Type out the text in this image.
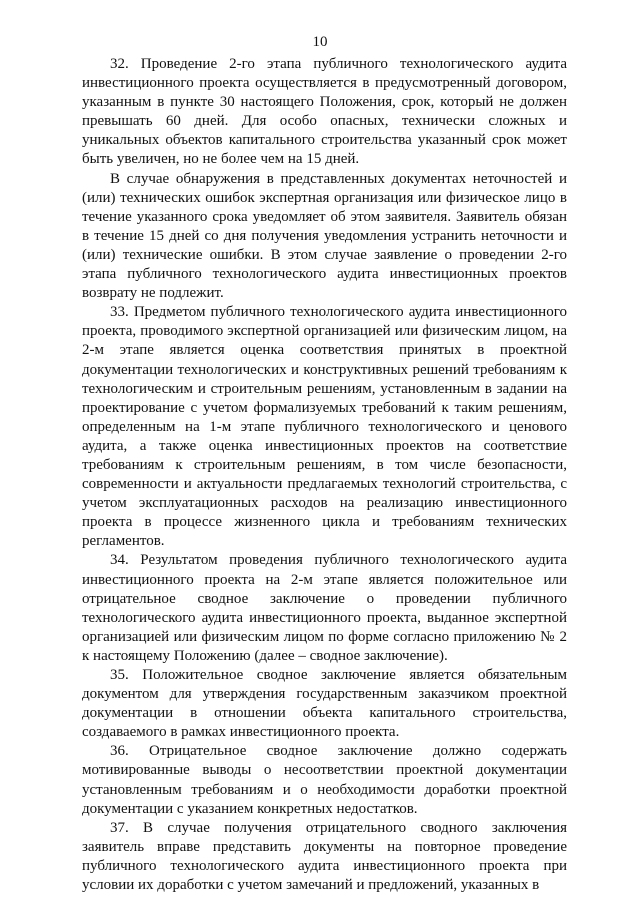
10

32. Проведение 2-го этапа публичного технологического аудита инвестиционного проекта осуществляется в предусмотренный договором, указанным в пункте 30 настоящего Положения, срок, который не должен превышать 60 дней. Для особо опасных, технически сложных и уникальных объектов капитального строительства указанный срок может быть увеличен, но не более чем на 15 дней.

В случае обнаружения в представленных документах неточностей и (или) технических ошибок экспертная организация или физическое лицо в течение указанного срока уведомляет об этом заявителя. Заявитель обязан в течение 15 дней со дня получения уведомления устранить неточности и (или) технические ошибки. В этом случае заявление о проведении 2-го этапа публичного технологического аудита инвестиционных проектов возврату не подлежит.

33. Предметом публичного технологического аудита инвестиционного проекта, проводимого экспертной организацией или физическим лицом, на 2-м этапе является оценка соответствия принятых в проектной документации технологических и конструктивных решений требованиям к технологическим и строительным решениям, установленным в задании на проектирование с учетом формализуемых требований к таким решениям, определенным на 1-м этапе публичного технологического и ценового аудита, а также оценка инвестиционных проектов на соответствие требованиям к строительным решениям, в том числе безопасности, современности и актуальности предлагаемых технологий строительства, с учетом эксплуатационных расходов на реализацию инвестиционного проекта в процессе жизненного цикла и требованиям технических регламентов.

34. Результатом проведения публичного технологического аудита инвестиционного проекта на 2-м этапе является положительное или отрицательное сводное заключение о проведении публичного технологического аудита инвестиционного проекта, выданное экспертной организацией или физическим лицом по форме согласно приложению № 2 к настоящему Положению (далее – сводное заключение).

35. Положительное сводное заключение является обязательным документом для утверждения государственным заказчиком проектной документации в отношении объекта капитального строительства, создаваемого в рамках инвестиционного проекта.

36. Отрицательное сводное заключение должно содержать мотивированные выводы о несоответствии проектной документации установленным требованиям и о необходимости доработки проектной документации с указанием конкретных недостатков.

37. В случае получения отрицательного сводного заключения заявитель вправе представить документы на повторное проведение публичного технологического аудита инвестиционного проекта при условии их доработки с учетом замечаний и предложений, указанных в
